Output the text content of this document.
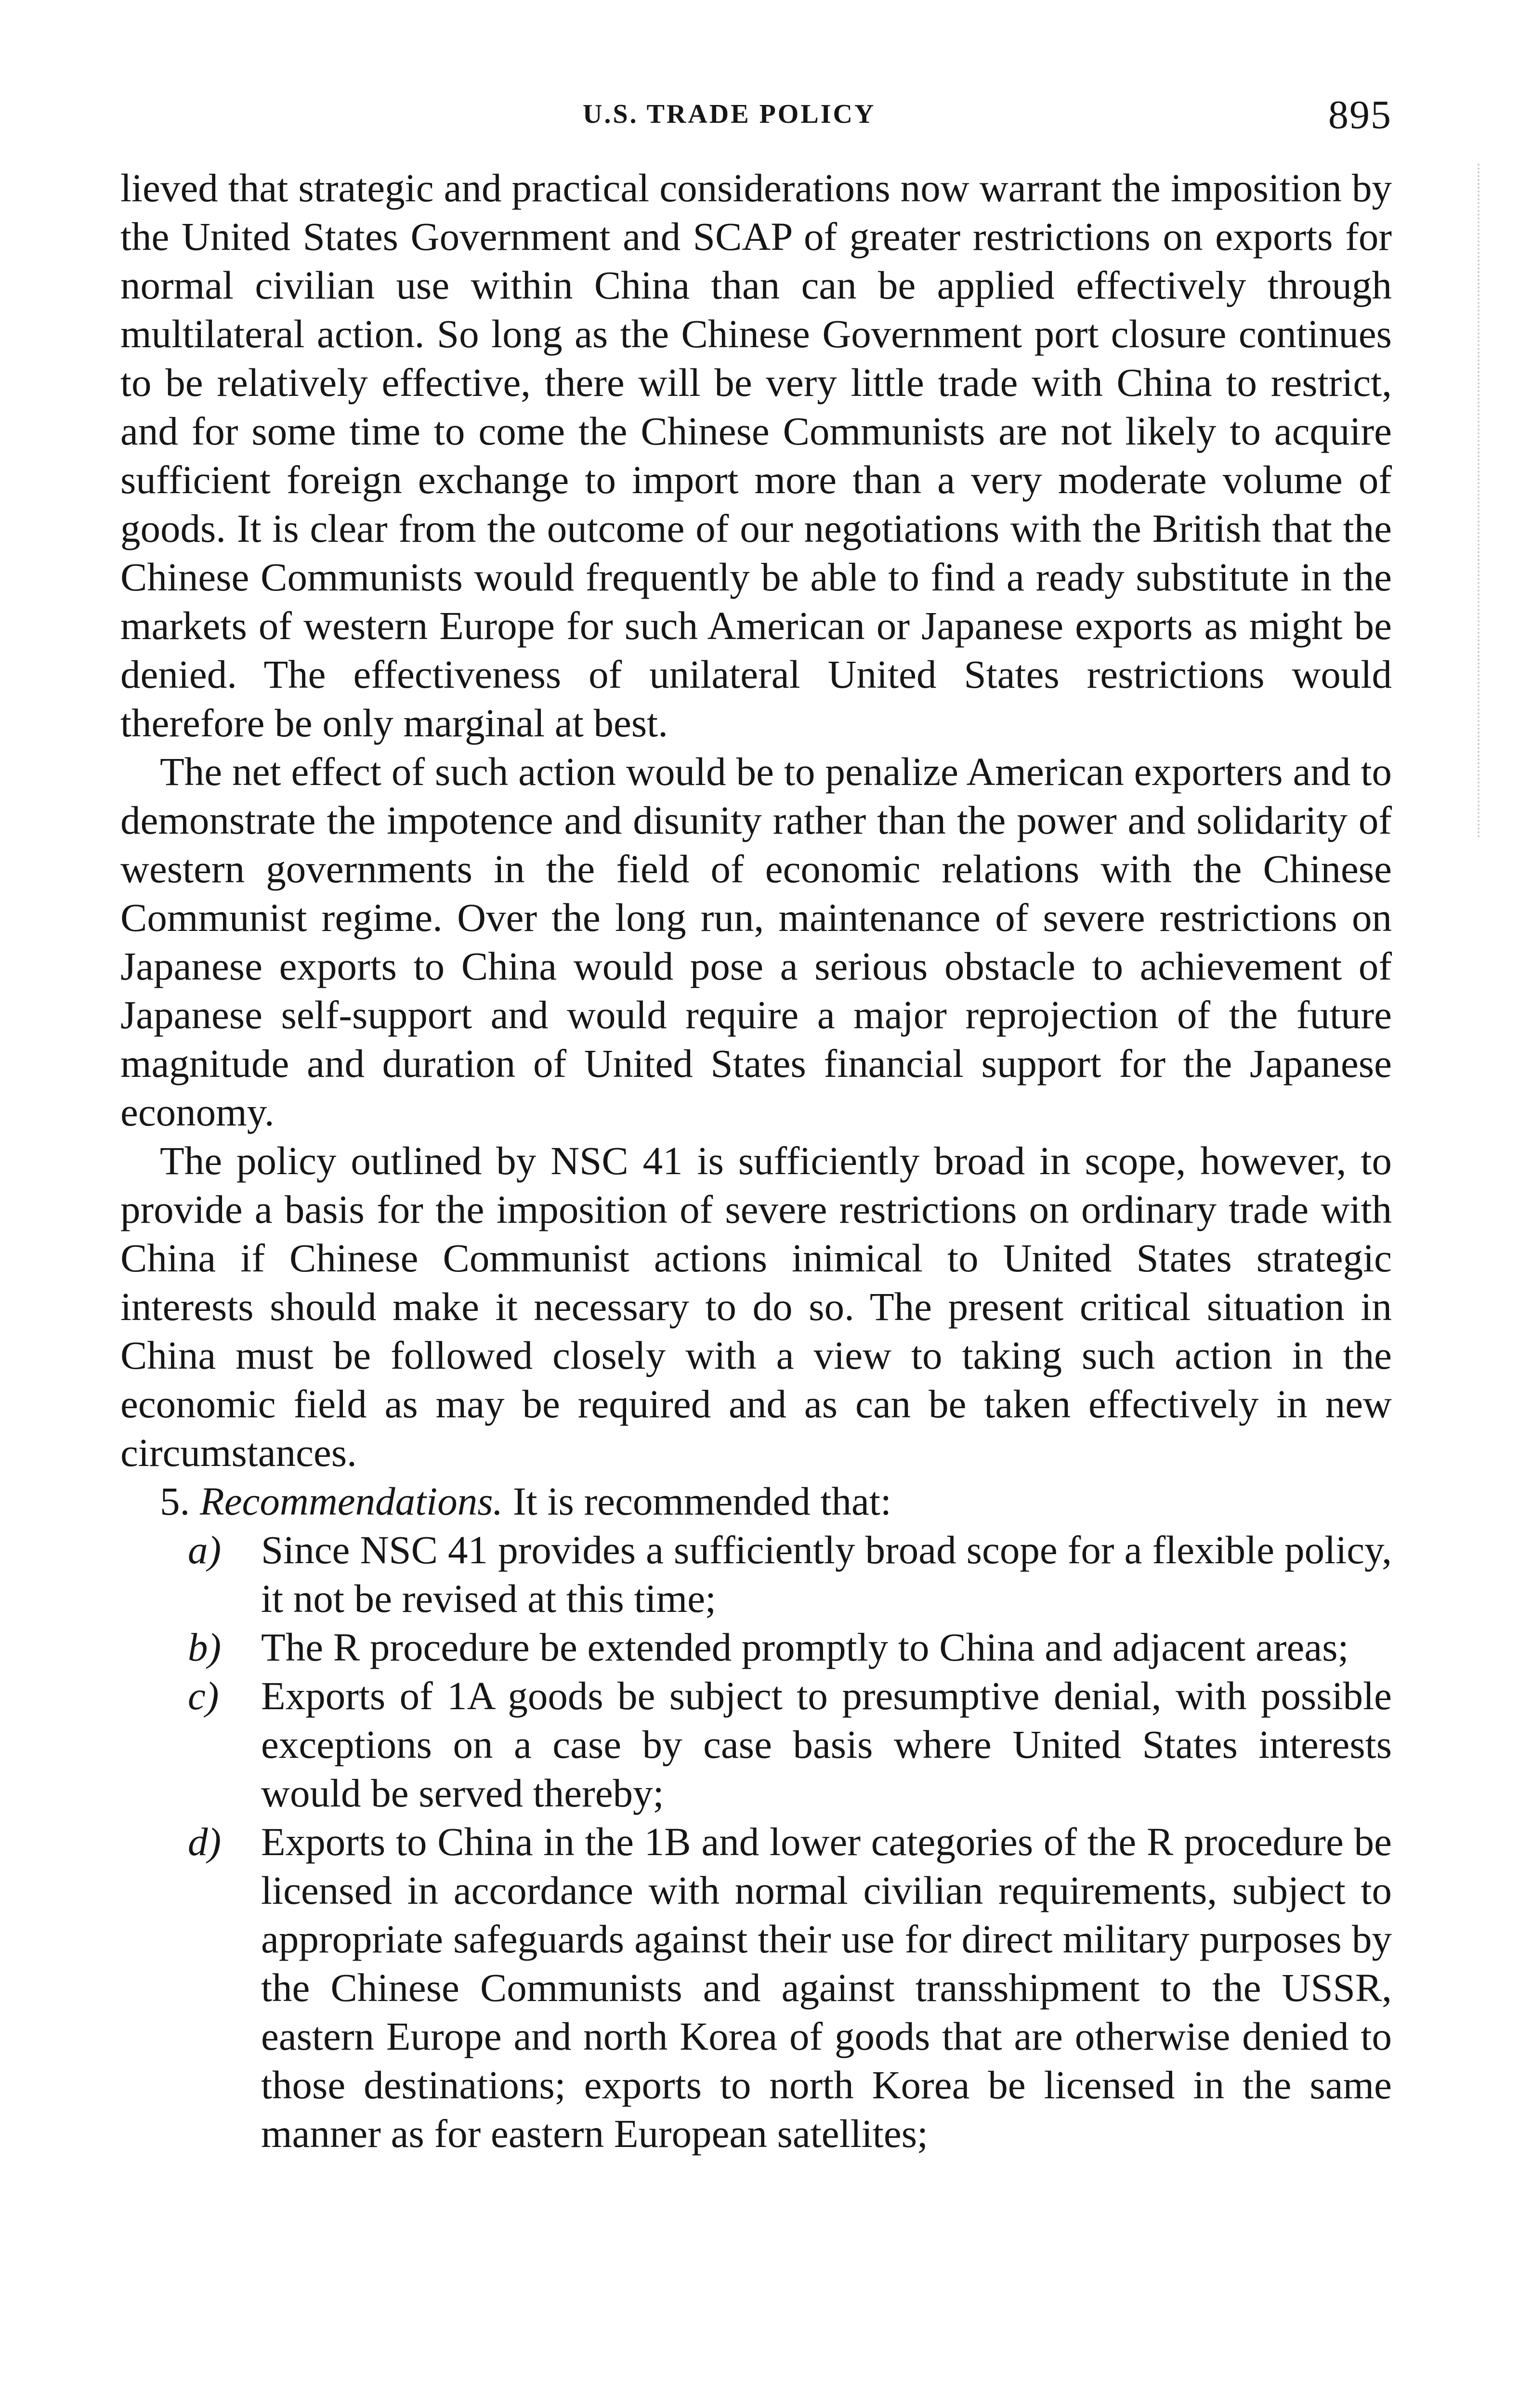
U.S. TRADE POLICY	895

lieved that strategic and practical considerations now warrant the imposition by the United States Government and SCAP of greater restrictions on exports for normal civilian use within China than can be applied effectively through multilateral action. So long as the Chinese Government port closure continues to be relatively effective, there will be very little trade with China to restrict, and for some time to come the Chinese Communists are not likely to acquire sufficient foreign exchange to import more than a very moderate volume of goods. It is clear from the outcome of our negotiations with the British that the Chinese Communists would frequently be able to find a ready substitute in the markets of western Europe for such American or Japanese exports as might be denied. The effectiveness of unilateral United States restrictions would therefore be only marginal at best.

The net effect of such action would be to penalize American exporters and to demonstrate the impotence and disunity rather than the power and solidarity of western governments in the field of economic relations with the Chinese Communist regime. Over the long run, maintenance of severe restrictions on Japanese exports to China would pose a serious obstacle to achievement of Japanese self-support and would require a major reprojection of the future magnitude and duration of United States financial support for the Japanese economy.

The policy outlined by NSC 41 is sufficiently broad in scope, however, to provide a basis for the imposition of severe restrictions on ordinary trade with China if Chinese Communist actions inimical to United States strategic interests should make it necessary to do so. The present critical situation in China must be followed closely with a view to taking such action in the economic field as may be required and as can be taken effectively in new circumstances.

5. Recommendations. It is recommended that:

a) Since NSC 41 provides a sufficiently broad scope for a flexible policy, it not be revised at this time;
b) The R procedure be extended promptly to China and adjacent areas;
c)	Exports of 1A goods be subject to presumptive denial, with possible exceptions on a case by case basis where United States interests would be served thereby;
d) Exports to China in the 1B and lower categories of the R procedure be licensed in accordance with normal civilian requirements, subject to appropriate safeguards against their use for direct military purposes by the Chinese Communists and against transshipment to the USSR, eastern Europe and north Korea of goods that are otherwise denied to those destinations; exports to north Korea be licensed in the same manner as for eastern European satellites;
